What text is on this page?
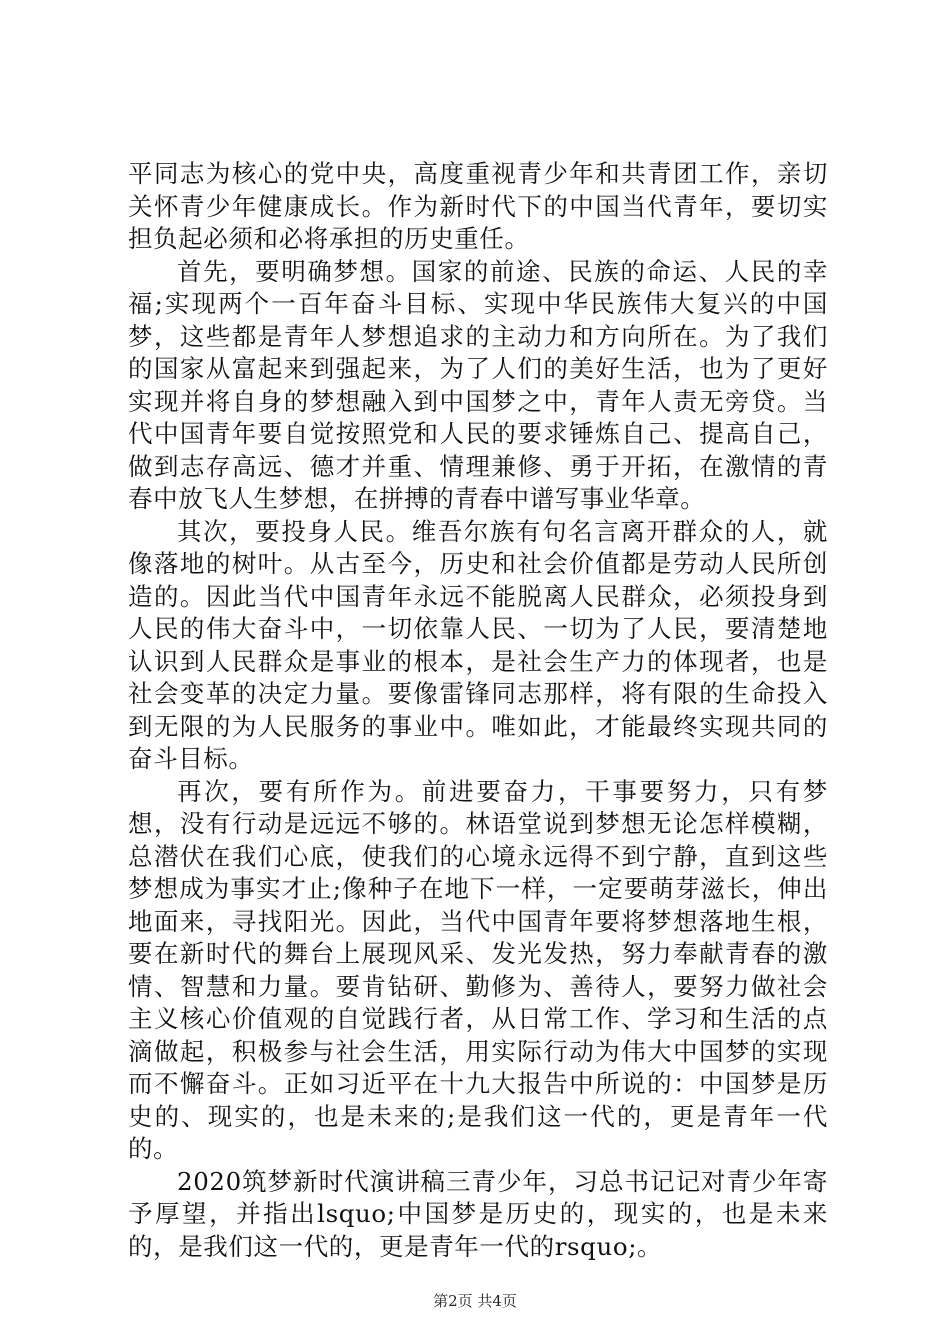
平同志为核心的党中央，高度重视青少年和共青团工作，亲切关怀青少年健康成长。作为新时代下的中国当代青年，要切实担负起必须和必将承担的历史重任。

首先，要明确梦想。国家的前途、民族的命运、人民的幸福;实现两个一百年奋斗目标、实现中华民族伟大复兴的中国梦，这些都是青年人梦想追求的主动力和方向所在。为了我们的国家从富起来到强起来，为了人们的美好生活，也为了更好实现并将自身的梦想融入到中国梦之中，青年人责无旁贷。当代中国青年要自觉按照党和人民的要求锤炼自己、提高自己，做到志存高远、德才并重、情理兼修、勇于开拓，在激情的青春中放飞人生梦想，在拼搏的青春中谱写事业华章。

其次，要投身人民。维吾尔族有句名言离开群众的人，就像落地的树叶。从古至今，历史和社会价值都是劳动人民所创造的。因此当代中国青年永远不能脱离人民群众，必须投身到人民的伟大奋斗中，一切依靠人民、一切为了人民，要清楚地认识到人民群众是事业的根本，是社会生产力的体现者，也是社会变革的决定力量。要像雷锋同志那样，将有限的生命投入到无限的为人民服务的事业中。唯如此，才能最终实现共同的奋斗目标。

再次，要有所作为。前进要奋力，干事要努力，只有梦想，没有行动是远远不够的。林语堂说到梦想无论怎样模糊，总潜伏在我们心底，使我们的心境永远得不到宁静，直到这些梦想成为事实才止;像种子在地下一样，一定要萌芽滋长，伸出地面来，寻找阳光。因此，当代中国青年要将梦想落地生根，要在新时代的舞台上展现风采、发光发热，努力奉献青春的激情、智慧和力量。要肯钻研、勤修为、善待人，要努力做社会主义核心价值观的自觉践行者，从日常工作、学习和生活的点滴做起，积极参与社会生活，用实际行动为伟大中国梦的实现而不懈奋斗。正如习近平在十九大报告中所说的：中国梦是历史的、现实的，也是未来的;是我们这一代的，更是青年一代的。

2020筑梦新时代演讲稿三青少年，习总书记记对青少年寄予厚望，并指出lsquo;中国梦是历史的，现实的，也是未来的，是我们这一代的，更是青年一代的rsquo;。

第2页 共4页
